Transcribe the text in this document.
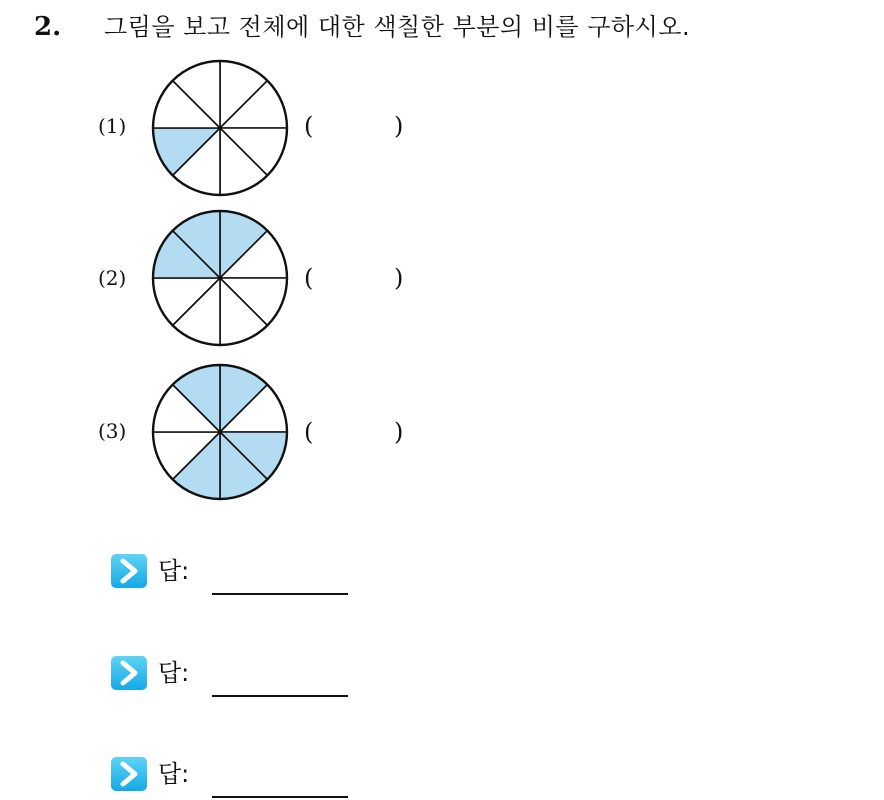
2. 그림을 보고 전체에 대한 색칠한 부분의 비를 구하시오.
(1)	(	)
(2)	(	)
(3)	(	)
답:
답:
답:
